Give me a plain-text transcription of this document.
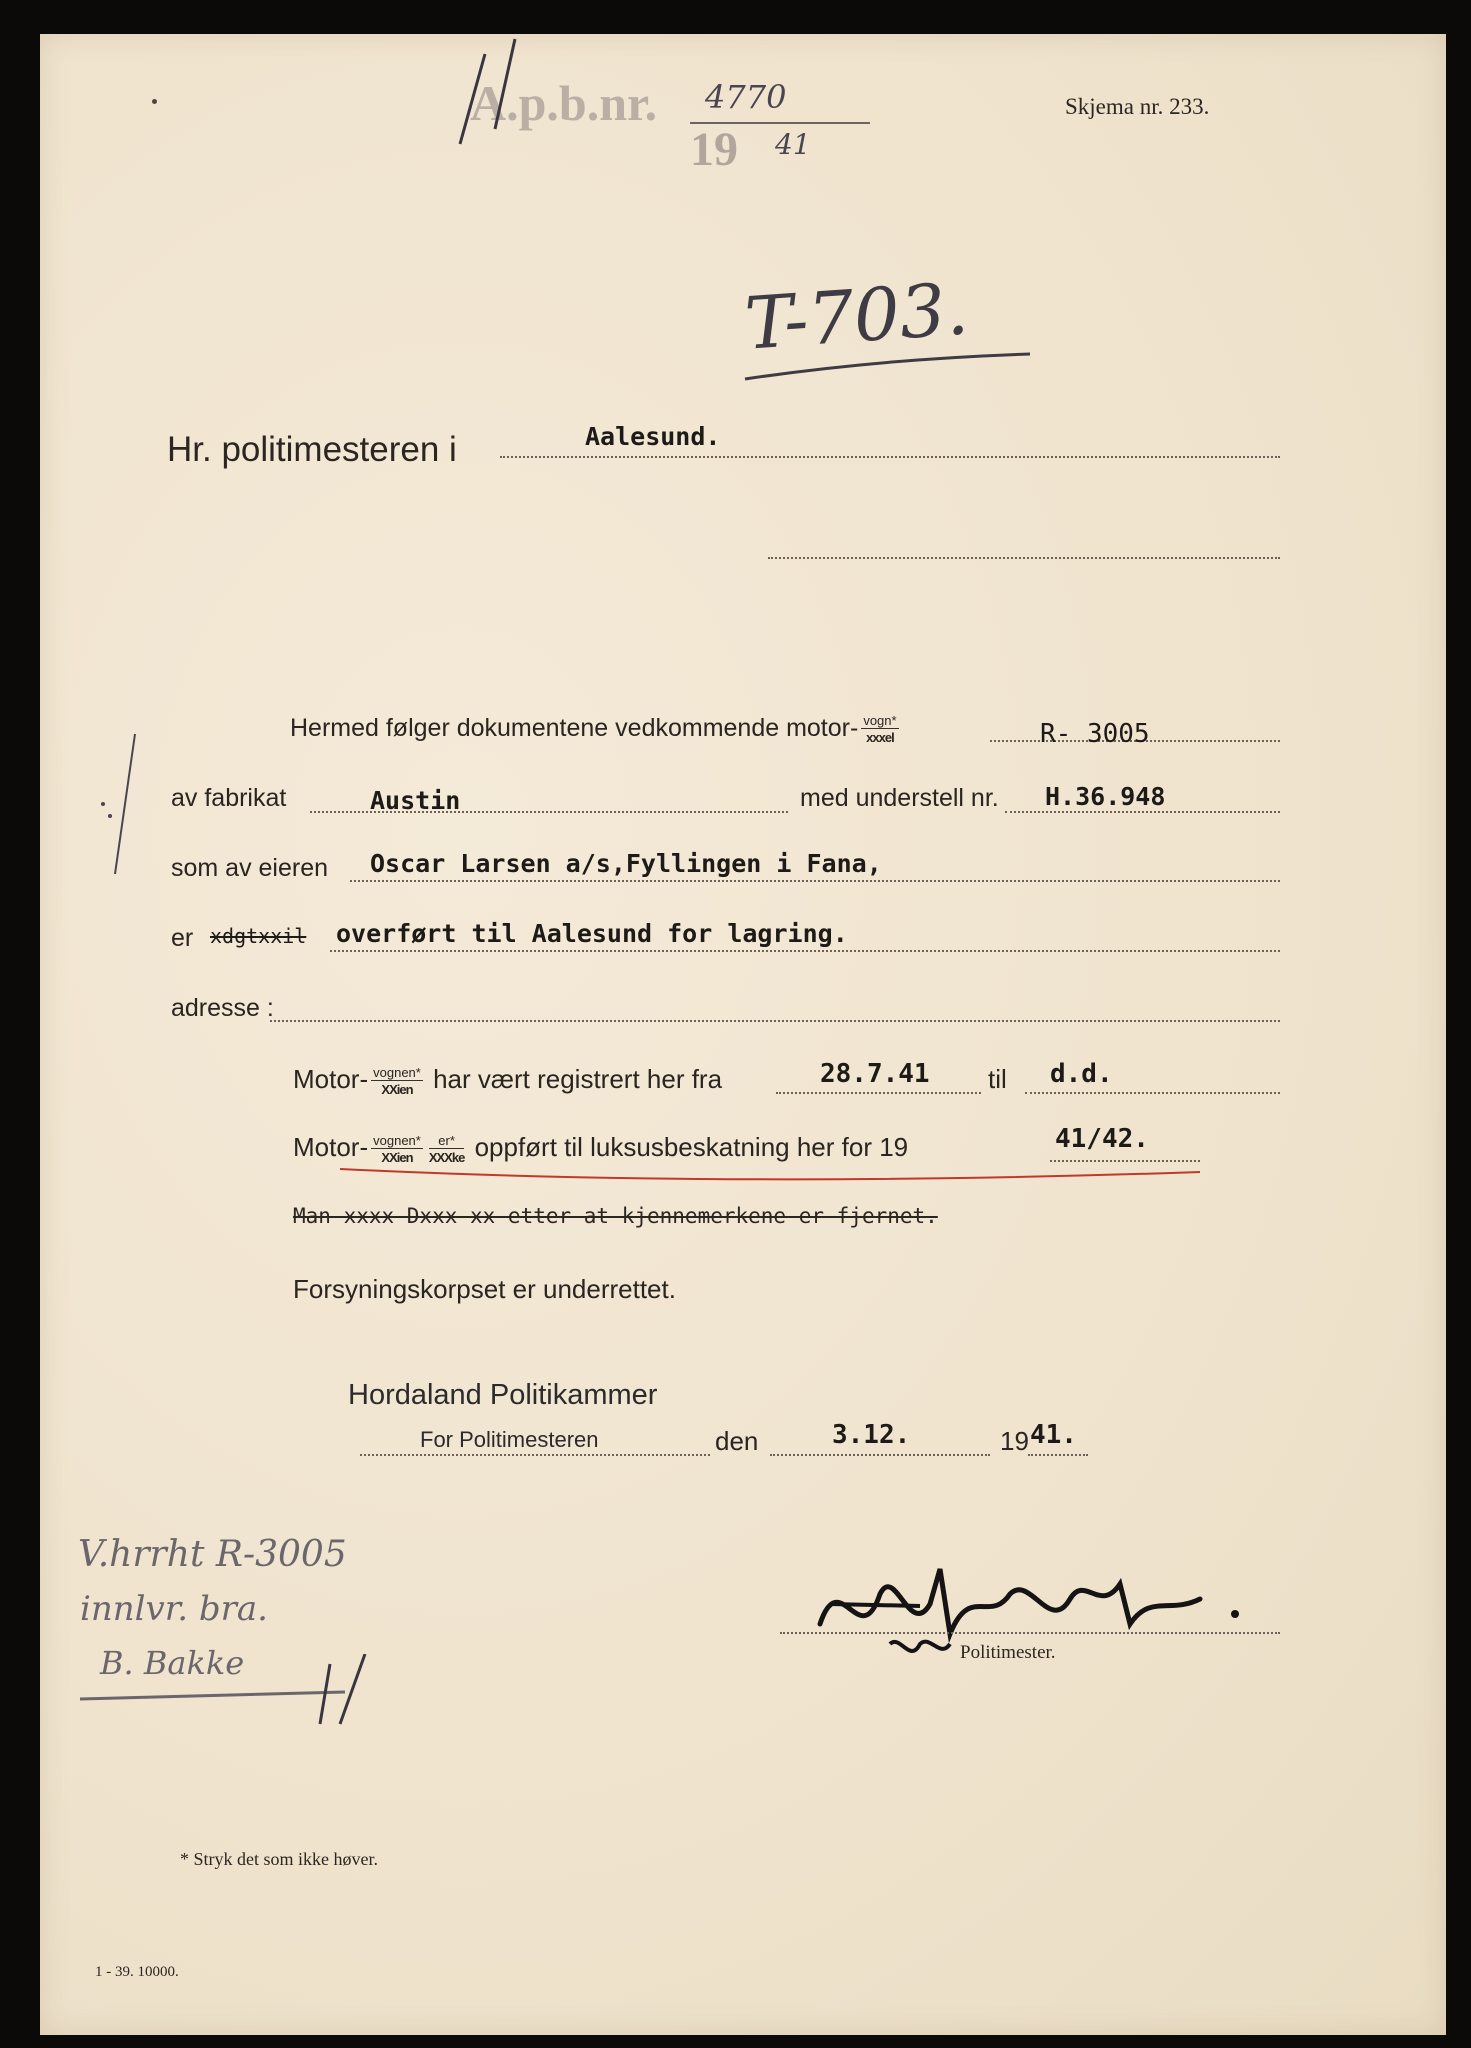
A.p.b.nr. 4770
19 41
Skjema nr. 233.
T-703.
Hr. politimesteren i	Aalesund.
Hermed følger dokumentene vedkommende motor- $\frac{\text{vogn*}}{\text{xxxel}}$	R- 3005
av fabrikat	Austin	med understell nr. H.36.948
som av eieren Oscar Larsen a/s,Fyllingen i Fana,
er xdgtxxil overført til Aalesund for lagring.
adresse :
Motor- $\frac{\text{vognen*}}{\text{XXien}}$ har vært registrert her fra	28.7.41 til d.d.
Motor- $\frac{\text{vognen*}}{\text{XXien}} \frac{er*}{\text{XXXke}}$ oppført til luksusbeskatning her for 19	41/42.
Man xxxx Dxxx xx etter at kjennemerkene er fjernet.
Forsyningskorpset er underrettet.
Hordaland Politikammer
For Politimesteren	den	3.12.	19 41.
Politimester.
V.hrrht R-3005
innlvr. bra.
B. Bakke
* Stryk det som ikke høver.
1 - 39. 10000.
